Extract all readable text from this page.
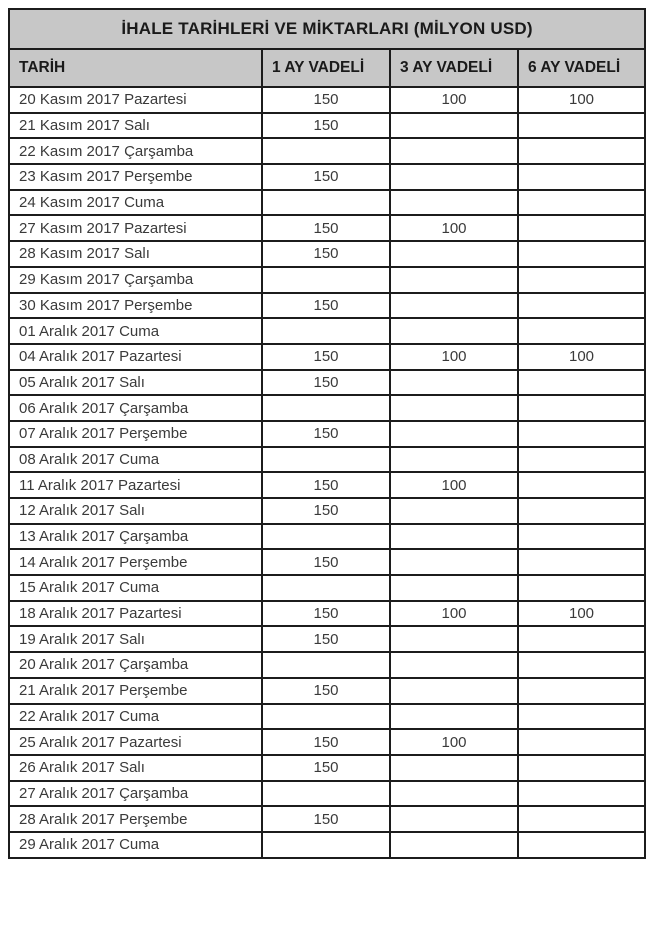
İHALE TARİHLERİ VE MİKTARLARI (MİLYON USD)			
TARİH	1 AY VADELİ	3 AY VADELİ	6 AY VADELİ
20 Kasım 2017 Pazartesi	150	100	100
21 Kasım 2017 Salı	150		
22 Kasım 2017 Çarşamba			
23 Kasım 2017 Perşembe	150		
24 Kasım 2017 Cuma			
27 Kasım 2017 Pazartesi	150	100	
28 Kasım 2017 Salı	150		
29 Kasım 2017 Çarşamba			
30 Kasım 2017 Perşembe	150		
01 Aralık 2017 Cuma			
04 Aralık 2017 Pazartesi	150	100	100
05 Aralık 2017 Salı	150		
06 Aralık 2017 Çarşamba			
07 Aralık 2017 Perşembe	150		
08 Aralık 2017 Cuma			
11 Aralık 2017 Pazartesi	150	100	
12 Aralık 2017 Salı	150		
13 Aralık 2017 Çarşamba			
14 Aralık 2017 Perşembe	150		
15 Aralık 2017 Cuma			
18 Aralık 2017 Pazartesi	150	100	100
19 Aralık 2017 Salı	150		
20 Aralık 2017 Çarşamba			
21 Aralık 2017 Perşembe	150		
22 Aralık 2017 Cuma			
25 Aralık 2017 Pazartesi	150	100	
26 Aralık 2017 Salı	150		
27 Aralık 2017 Çarşamba			
28 Aralık 2017 Perşembe	150		
29 Aralık 2017 Cuma			
